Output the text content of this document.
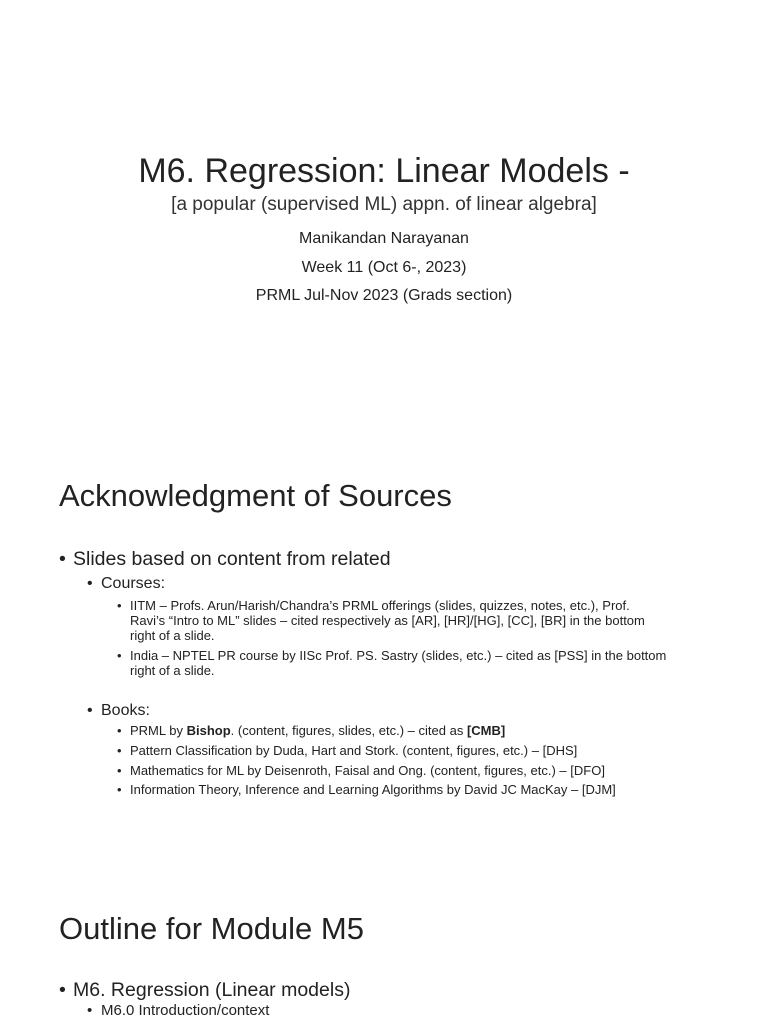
M6. Regression: Linear Models -
[a popular (supervised ML) appn. of linear algebra]
Manikandan Narayanan
Week 11 (Oct 6-, 2023)
PRML Jul-Nov 2023 (Grads section)
Acknowledgment of Sources
• Slides based on content from related
• Courses:
• IITM – Profs. Arun/Harish/Chandra’s PRML offerings (slides, quizzes, notes, etc.), Prof.
Ravi’s “Intro to ML” slides – cited respectively as [AR], [HR]/[HG], [CC], [BR] in the bottom
right of a slide.
• India – NPTEL PR course by IISc Prof. PS. Sastry (slides, etc.) – cited as [PSS] in the bottom
right of a slide.
• Books:
• PRML by Bishop. (content, figures, slides, etc.) – cited as [CMB]
• Pattern Classification by Duda, Hart and Stork. (content, figures, etc.) – [DHS]
• Mathematics for ML by Deisenroth, Faisal and Ong. (content, figures, etc.) – [DFO]
• Information Theory, Inference and Learning Algorithms by David JC MacKay – [DJM]
Outline for Module M5
• M6. Regression (Linear models)
• M6.0 Introduction/context
